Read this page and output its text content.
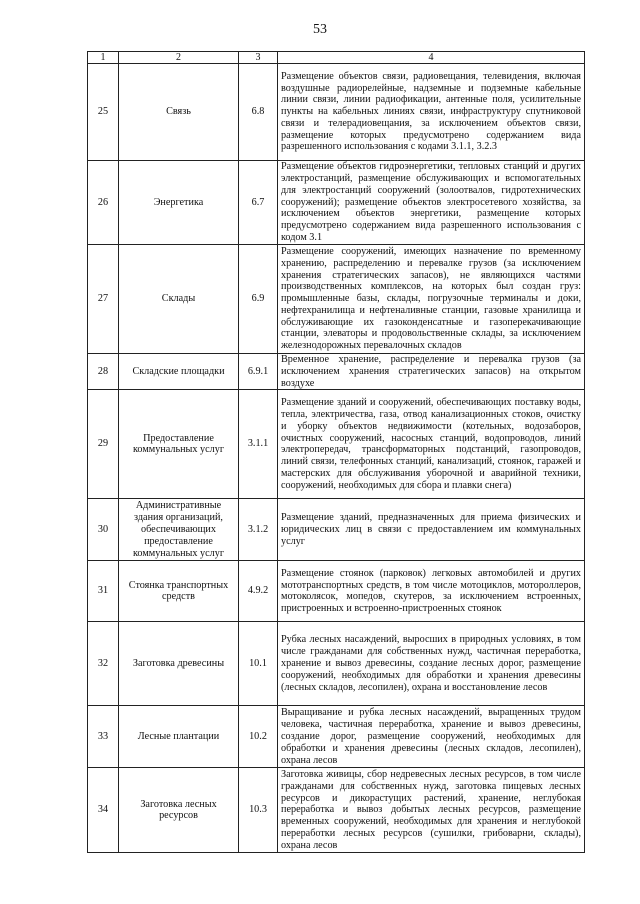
53
1	2	3	4
25	Связь	6.8	Размещение объектов связи, радиовещания, телевидения, включая воздушные радиорелейные, надземные и подземные кабельные линии связи, линии радиофикации, антенные поля, усилительные пункты на кабельных линиях связи, инфраструктуру спутниковой связи и телерадиовещания, за исключением объектов связи, размещение которых предусмотрено содержанием вида разрешенного использования с кодами 3.1.1, 3.2.3
26	Энергетика	6.7	Размещение объектов гидроэнергетики, тепловых станций и других электростанций, размещение обслуживающих и вспомогательных для электростанций сооружений (золоотвалов, гидротехнических сооружений); размещение объектов электросетевого хозяйства, за исключением объектов энергетики, размещение которых предусмотрено содержанием вида разрешенного использования с кодом 3.1
27	Склады	6.9	Размещение сооружений, имеющих назначение по временному хранению, распределению и перевалке грузов (за исключением хранения стратегических запасов), не являющихся частями производственных комплексов, на которых был создан груз: промышленные базы, склады, погрузочные терминалы и доки, нефтехранилища и нефтеналивные станции, газовые хранилища и обслуживающие их газоконденсатные и газоперекачивающие станции, элеваторы и продовольственные склады, за исключением железнодорожных перевалочных складов
28	Складские площадки	6.9.1	Временное хранение, распределение и перевалка грузов (за исключением хранения стратегических запасов) на открытом воздухе
29	Предоставление коммунальных услуг	3.1.1	Размещение зданий и сооружений, обеспечивающих поставку воды, тепла, электричества, газа, отвод канализационных стоков, очистку и уборку объектов недвижимости (котельных, водозаборов, очистных сооружений, насосных станций, водопроводов, линий электропередач, трансформаторных подстанций, газопроводов, линий связи, телефонных станций, канализаций, стоянок, гаражей и мастерских для обслуживания уборочной и аварийной техники, сооружений, необходимых для сбора и плавки снега)
30	Административные здания организаций, обеспечивающих предоставление коммунальных услуг	3.1.2	Размещение зданий, предназначенных для приема физических и юридических лиц в связи с предоставлением им коммунальных услуг
31	Стоянка транспортных средств	4.9.2	Размещение стоянок (парковок) легковых автомобилей и других мототранспортных средств, в том числе мотоциклов, мотороллеров, мотоколясок, мопедов, скутеров, за исключением встроенных, пристроенных и встроенно-пристроенных стоянок
32	Заготовка древесины	10.1	Рубка лесных насаждений, выросших в природных условиях, в том числе гражданами для собственных нужд, частичная переработка, хранение и вывоз древесины, создание лесных дорог, размещение сооружений, необходимых для обработки и хранения древесины (лесных складов, лесопилен), охрана и восстановление лесов
33	Лесные плантации	10.2	Выращивание и рубка лесных насаждений, выращенных трудом человека, частичная переработка, хранение и вывоз древесины, создание дорог, размещение сооружений, необходимых для обработки и хранения древесины (лесных складов, лесопилен), охрана лесов
34	Заготовка лесных ресурсов	10.3	Заготовка живицы, сбор недревесных лесных ресурсов, в том числе гражданами для собственных нужд, заготовка пищевых лесных ресурсов и дикорастущих растений, хранение, неглубокая переработка и вывоз добытых лесных ресурсов, размещение временных сооружений, необходимых для хранения и неглубокой переработки лесных ресурсов (сушилки, грибоварни, склады), охрана лесов
